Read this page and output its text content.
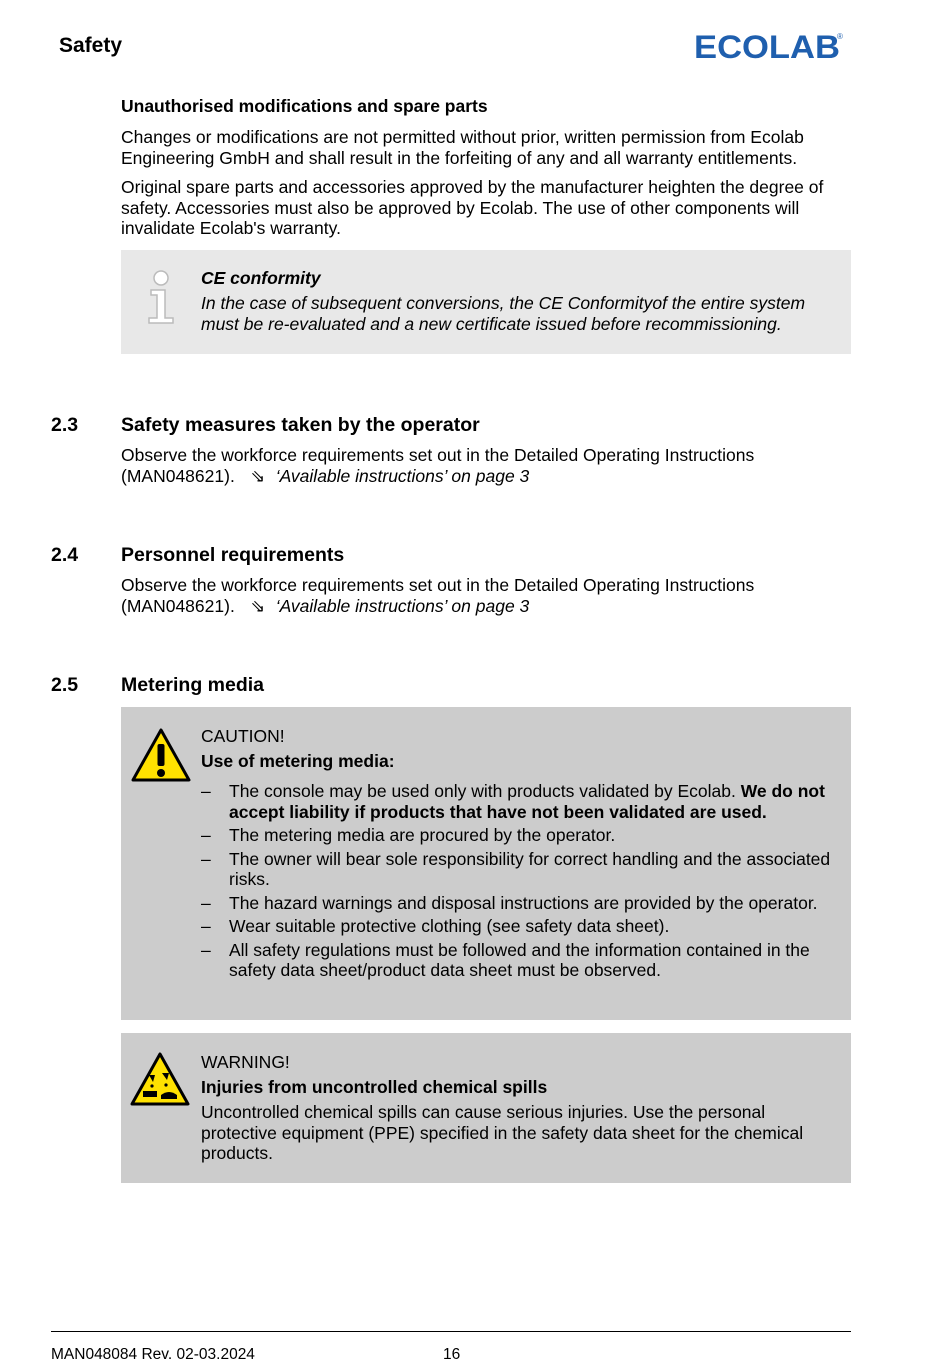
Safety	ECOLAB
®
Unauthorised modifications and spare parts
Changes or modifications are not permitted without prior, written permission from Ecolab Engineering GmbH and shall result in the forfeiting of any and all warranty entitlements.
Original spare parts and accessories approved by the manufacturer heighten the degree of safety. Accessories must also be approved by Ecolab. The use of other components will invalidate Ecolab's warranty.
CE conformity
In the case of subsequent conversions, the CE Conformityof the entire system must be re-evaluated and a new certificate issued before recommissioning.
2.3 Safety measures taken by the operator
Observe the workforce requirements set out in the Detailed Operating Instructions (MAN048621). ⇘ ‘Available instructions’ on page 3
2.4 Personnel requirements
Observe the workforce requirements set out in the Detailed Operating Instructions (MAN048621). ⇘ ‘Available instructions’ on page 3
2.5 Metering media
CAUTION!
Use of metering media:
– The console may be used only with products validated by Ecolab. We do not accept liability if products that have not been validated are used.
– The metering media are procured by the operator.
– The owner will bear sole responsibility for correct handling and the associated risks.
– The hazard warnings and disposal instructions are provided by the operator.
– Wear suitable protective clothing (see safety data sheet).
– All safety regulations must be followed and the information contained in the safety data sheet/product data sheet must be observed.
WARNING!
Injuries from uncontrolled chemical spills
Uncontrolled chemical spills can cause serious injuries. Use the personal protective equipment (PPE) specified in the safety data sheet for the chemical products.
MAN048084 Rev. 02-03.2024	16
